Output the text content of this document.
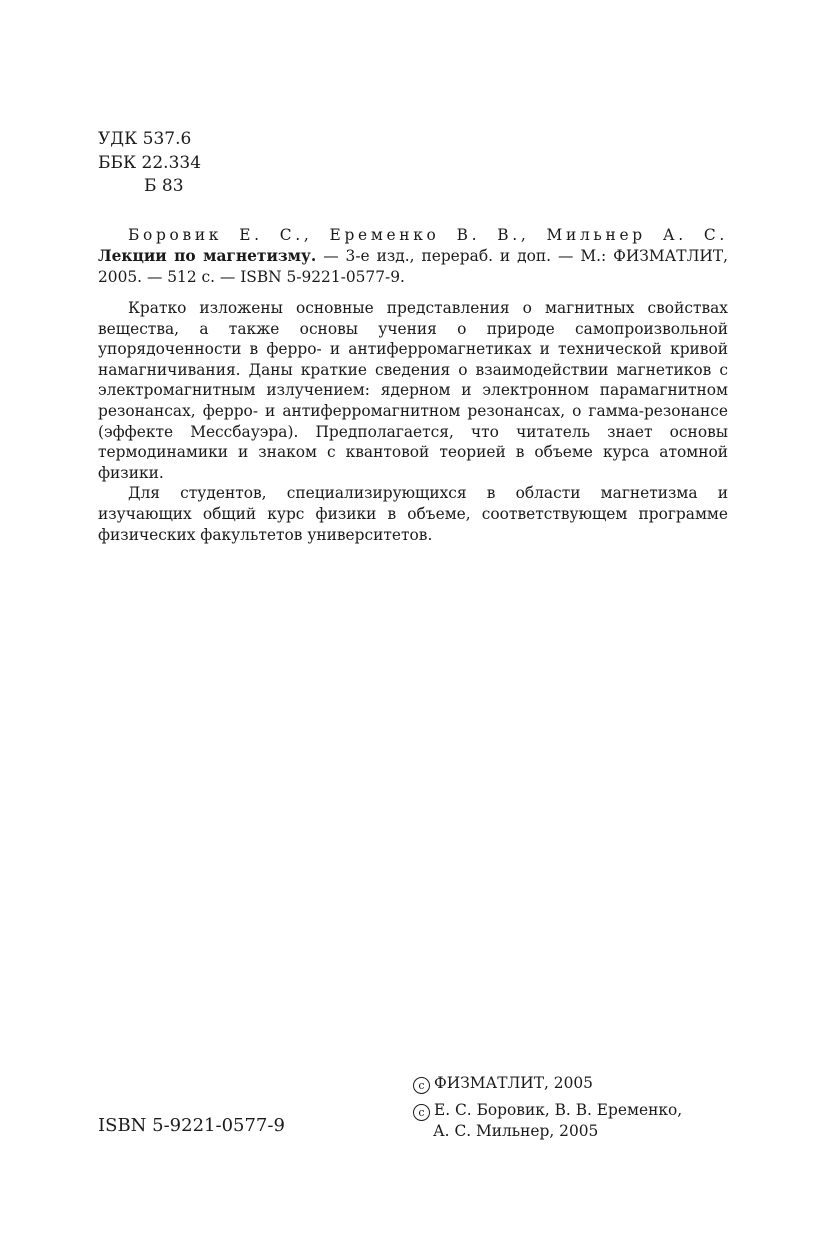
УДК 537.6
ББК 22.334
Б 83

Боровик Е. С., Еременко В. В., Мильнер А. С. Лекции по магнетизму. — 3-е изд., перераб. и доп. — М.: ФИЗМАТЛИТ, 2005. — 512 с. — ISBN 5-9221-0577-9.

Кратко изложены основные представления о магнитных свойствах вещества, а также основы учения о природе самопроизвольной упорядоченности в ферро- и антиферромагнетиках и технической кривой намагничивания. Даны краткие сведения о взаимодействии магнетиков с электромагнитным излучением: ядерном и электронном парамагнитном резонансах, ферро- и антиферромагнитном резонансах, о гамма-резонансе (эффекте Мессбауэра). Предполагается, что читатель знает основы термодинамики и знаком с квантовой теорией в объеме курса атомной физики.

Для студентов, специализирующихся в области магнетизма и изучающих общий курс физики в объеме, соответствующем программе физических факультетов университетов.

ISBN 5-9221-0577-9
c ФИЗМАТЛИТ, 2005
c Е. С. Боровик, В. В. Еременко,
А. С. Мильнер, 2005
